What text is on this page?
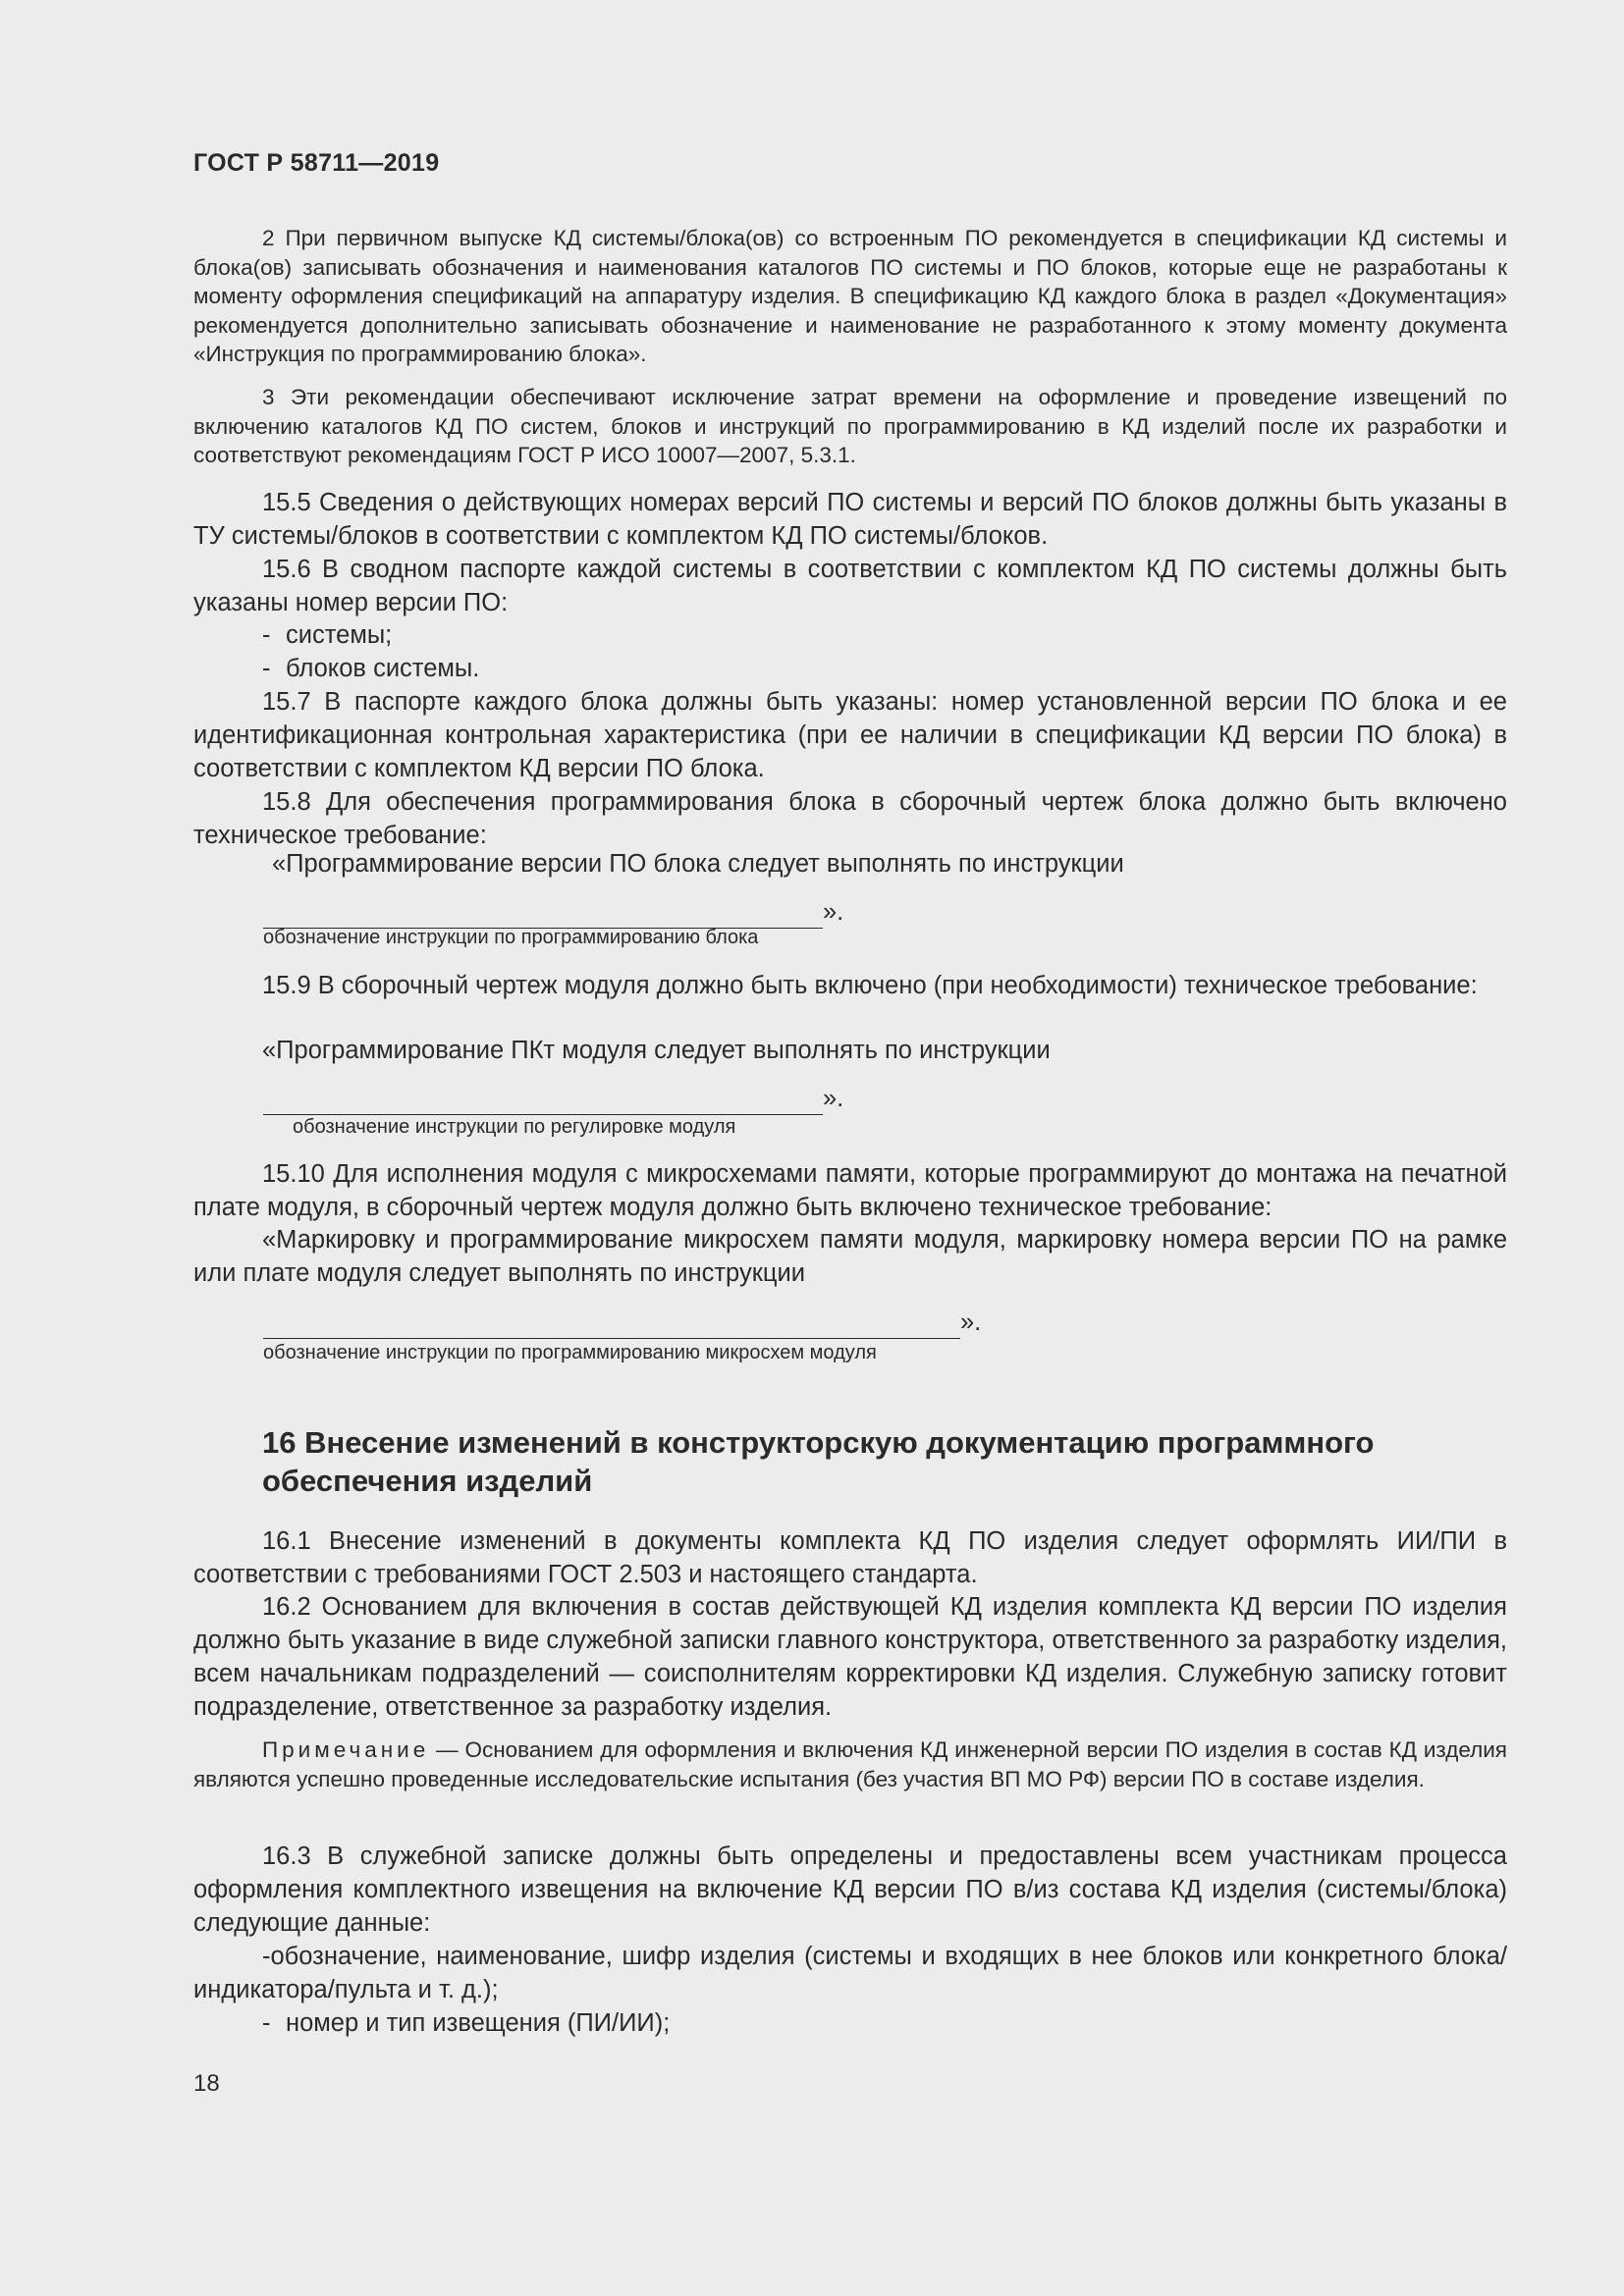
ГОСТ Р 58711—2019

2 При первичном выпуске КД системы/блока(ов) со встроенным ПО рекомендуется в спецификации КД системы и блока(ов) записывать обозначения и наименования каталогов ПО системы и ПО блоков, которые еще не разработаны к моменту оформления спецификаций на аппаратуру изделия. В спецификацию КД каждого блока в раздел «Документация» рекомендуется дополнительно записывать обозначение и наименование не разработанного к этому моменту документа «Инструкция по программированию блока».

3 Эти рекомендации обеспечивают исключение затрат времени на оформление и проведение извещений по включению каталогов КД ПО систем, блоков и инструкций по программированию в КД изделий после их разработки и соответствуют рекомендациям ГОСТ Р ИСО 10007—2007, 5.3.1.

15.5 Сведения о действующих номерах версий ПО системы и версий ПО блоков должны быть указаны в ТУ системы/блоков в соответствии с комплектом КД ПО системы/блоков.

15.6 В сводном паспорте каждой системы в соответствии с комплектом КД ПО системы должны быть указаны номер версии ПО:

- системы;

- блоков системы.

15.7 В паспорте каждого блока должны быть указаны: номер установленной версии ПО блока и ее идентификационная контрольная характеристика (при ее наличии в спецификации КД версии ПО блока) в соответствии с комплектом КД версии ПО блока.

15.8 Для обеспечения программирования блока в сборочный чертеж блока должно быть включено техническое требование:

«Программирование версии ПО блока следует выполнять по инструкции

».
обозначение инструкции по программированию блока

15.9 В сборочный чертеж модуля должно быть включено (при необходимости) техническое требование:

«Программирование ПКт модуля следует выполнять по инструкции

».
обозначение инструкции по регулировке модуля

15.10 Для исполнения модуля с микросхемами памяти, которые программируют до монтажа на печатной плате модуля, в сборочный чертеж модуля должно быть включено техническое требование:

«Маркировку и программирование микросхем памяти модуля, маркировку номера версии ПО на рамке или плате модуля следует выполнять по инструкции

».
обозначение инструкции по программированию микросхем модуля
16 Внесение изменений в конструкторскую документацию программного обеспечения изделий

16.1 Внесение изменений в документы комплекта КД ПО изделия следует оформлять ИИ/ПИ в соответствии с требованиями ГОСТ 2.503 и настоящего стандарта.

16.2 Основанием для включения в состав действующей КД изделия комплекта КД версии ПО изделия должно быть указание в виде служебной записки главного конструктора, ответственного за разработку изделия, всем начальникам подразделений — соисполнителям корректировки КД изделия. Служебную записку готовит подразделение, ответственное за разработку изделия.

Примечание — Основанием для оформления и включения КД инженерной версии ПО изделия в состав КД изделия являются успешно проведенные исследовательские испытания (без участия ВП МО РФ) версии ПО в составе изделия.

16.3 В служебной записке должны быть определены и предоставлены всем участникам процесса оформления комплектного извещения на включение КД версии ПО в/из состава КД изделия (системы/блока) следующие данные:

-обозначение, наименование, шифр изделия (системы и входящих в нее блоков или конкретного блока/индикатора/пульта и т. д.);

- номер и тип извещения (ПИ/ИИ);

18
